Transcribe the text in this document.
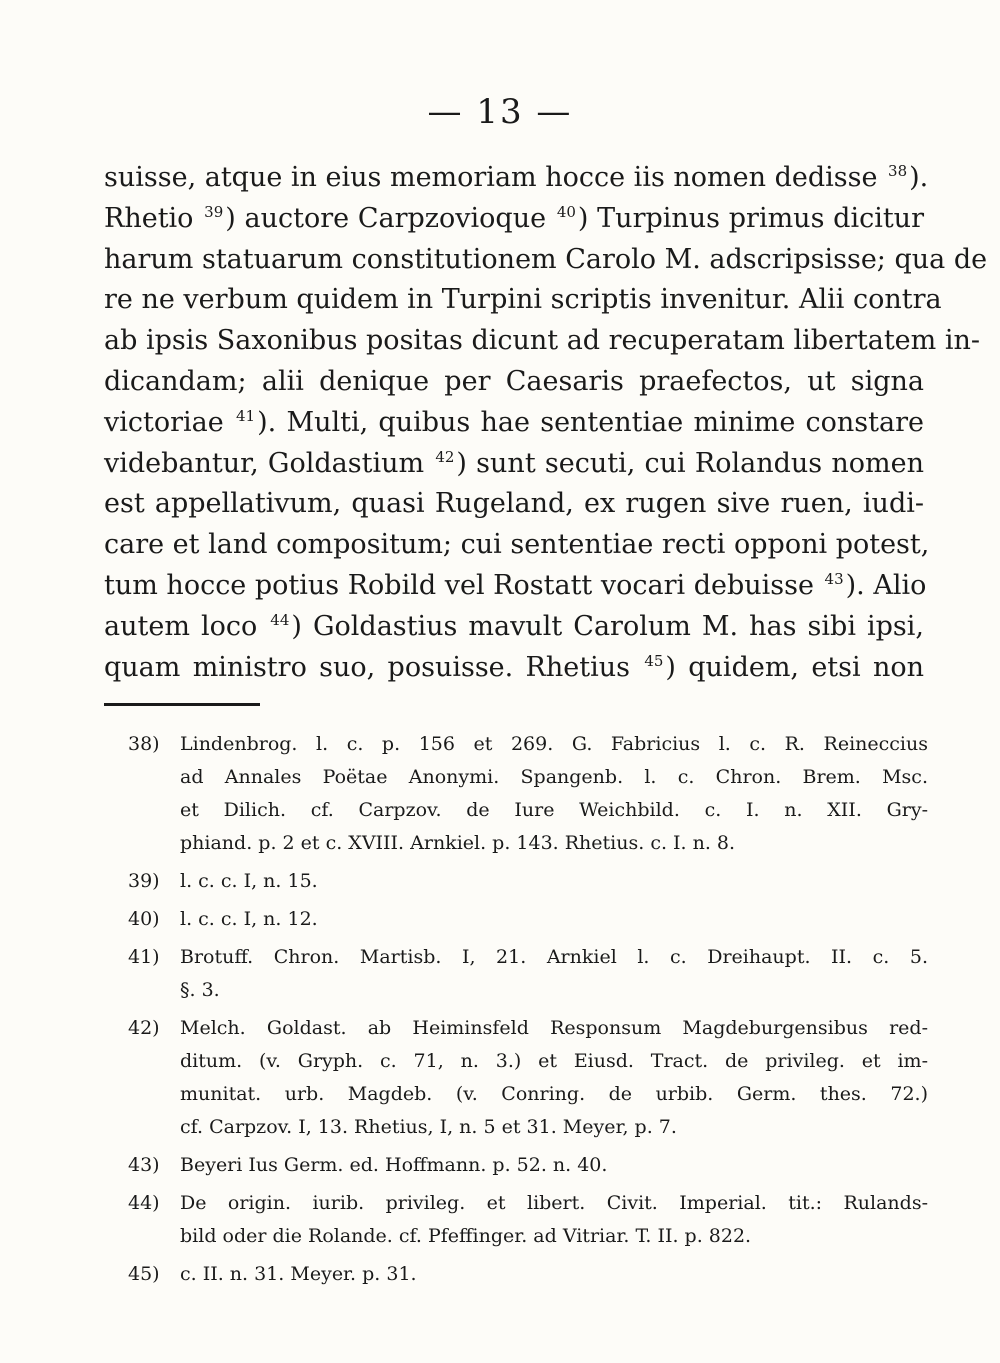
— 13 —
suisse, atque in eius memoriam hocce iis nomen dedisse $^{38}$).
Rhetio $^{39}$) auctore Carpzovioque $^{40}$) Turpinus primus dicitur
harum statuarum constitutionem Carolo M. adscripsisse; qua de
re ne verbum quidem in Turpini scriptis invenitur. Alii contra
ab ipsis Saxonibus positas dicunt ad recuperatam libertatem in-
dicandam; alii denique per Caesaris praefectos, ut signa
victoriae $^{41}$). Multi, quibus hae sententiae minime constare
videbantur, Goldastium $^{42}$) sunt secuti, cui Rolandus nomen
est appellativum, quasi Rugeland, ex rugen sive ruen, iudi-
care et land compositum; cui sententiae recti opponi potest,
tum hocce potius Robild vel Rostatt vocari debuisse $^{43}$). Alio
autem loco $^{44}$) Goldastius mavult Carolum M. has sibi ipsi,
quam ministro suo, posuisse. Rhetius $^{45}$) quidem, etsi non
38)	Lindenbrog. l. c. p. 156 et 269. G. Fabricius l. c. R. Reineccius
ad Annales Poëtae Anonymi. Spangenb. l. c. Chron. Brem. Msc.
et Dilich. cf. Carpzov. de Iure Weichbild. c. I. n. XII. Gry-
phiand. p. 2 et c. XVIII. Arnkiel. p. 143. Rhetius. c. I. n. 8.
39)	l. c. c. I, n. 15.
40)	l. c. c. I, n. 12.
41)	Brotuff. Chron. Martisb. I, 21. Arnkiel l. c. Dreihaupt. II. c. 5.
§. 3.
42)	Melch. Goldast. ab Heiminsfeld Responsum Magdeburgensibus red-
ditum. (v. Gryph. c. 71, n. 3.) et Eiusd. Tract. de privileg. et im-
munitat. urb. Magdeb. (v. Conring. de urbib. Germ. thes. 72.)
cf. Carpzov. I, 13. Rhetius, I, n. 5 et 31. Meyer, p. 7.
43)	Beyeri Ius Germ. ed. Hoffmann. p. 52. n. 40.
44)	De origin. iurib. privileg. et libert. Civit. Imperial. tit.: Rulands-
bild oder die Rolande. cf. Pfeffinger. ad Vitriar. T. II. p. 822.
45)	c. II. n. 31. Meyer. p. 31.
